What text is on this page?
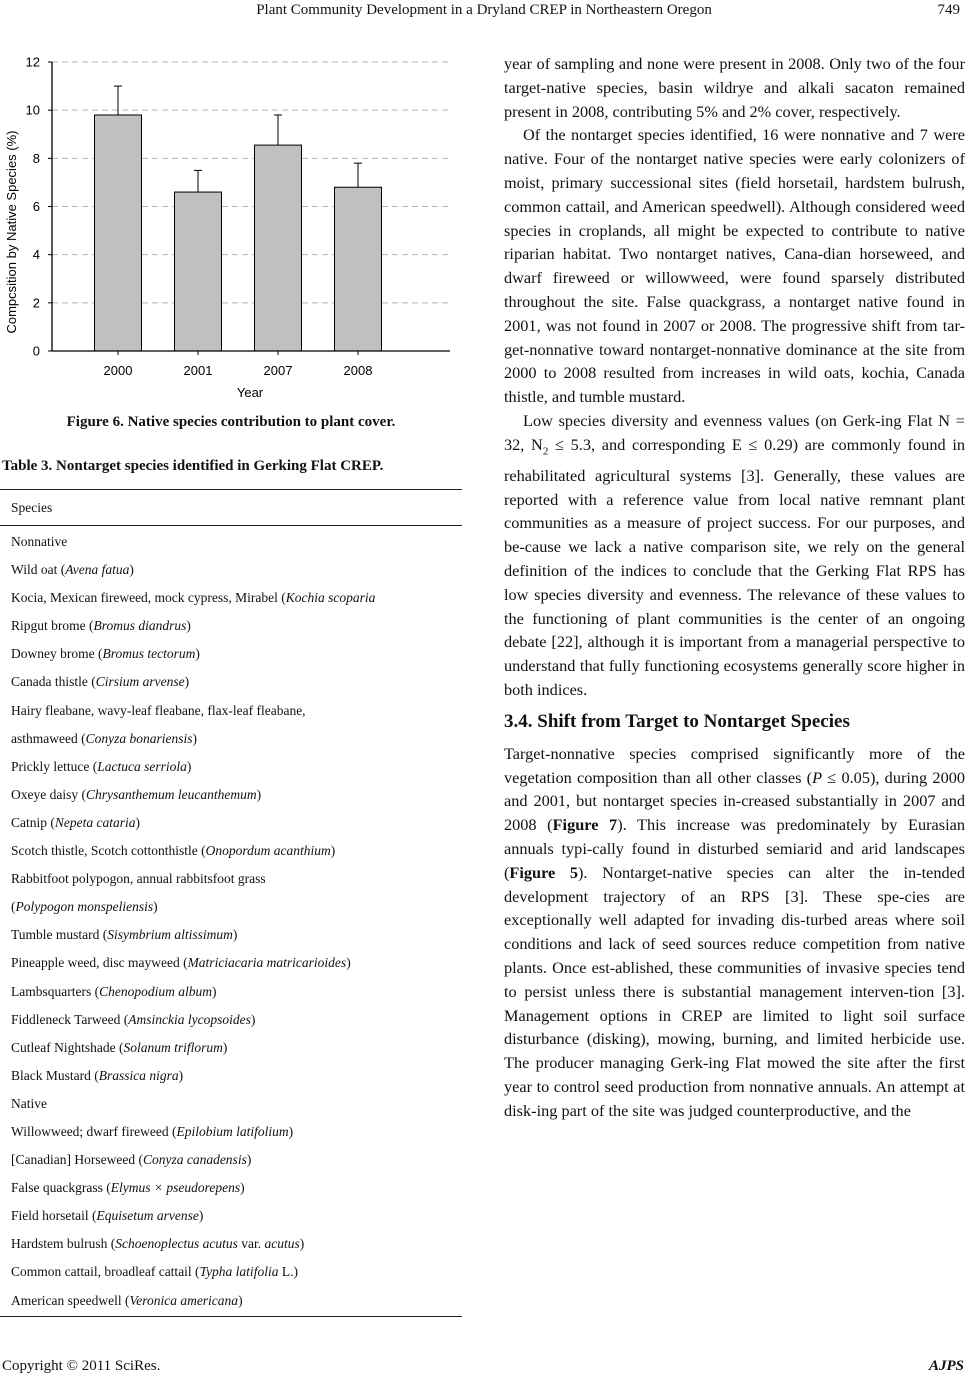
Plant Community Development in a Dryland CREP in Northeastern Oregon	749
0
2
4
6
8
10
12
2000	2001	2007	2008
Year
Compcsition by Native Species (%)
Figure 6. Native species contribution to plant cover.
Table 3. Nontarget species identified in Gerking Flat CREP.
Species
Nonnative
Wild oat (Avena fatua)
Kocia, Mexican fireweed, mock cypress, Mirabel (Kochia scoparia
Ripgut brome (Bromus diandrus)
Downey brome (Bromus tectorum)
Canada thistle (Cirsium arvense)
Hairy fleabane, wavy-leaf fleabane, flax-leaf fleabane,
asthmaweed (Conyza bonariensis)
Prickly lettuce (Lactuca serriola)
Oxeye daisy (Chrysanthemum leucanthemum)
Catnip (Nepeta cataria)
Scotch thistle, Scotch cottonthistle (Onopordum acanthium)
Rabbitfoot polypogon, annual rabbitsfoot grass
(Polypogon monspeliensis)
Tumble mustard (Sisymbrium altissimum)
Pineapple weed, disc mayweed (Matriciacaria matricarioides)
Lambsquarters (Chenopodium album)
Fiddleneck Tarweed (Amsinckia lycopsoides)
Cutleaf Nightshade (Solanum triflorum)
Black Mustard (Brassica nigra)
Native
Willowweed; dwarf fireweed (Epilobium latifolium)
[Canadian] Horseweed (Conyza canadensis)
False quackgrass (Elymus × pseudorepens)
Field horsetail (Equisetum arvense)
Hardstem bulrush (Schoenoplectus acutus var. acutus)
Common cattail, broadleaf cattail (Typha latifolia L.)
American speedwell (Veronica americana)

year of sampling and none were present in 2008. Only two of the four target-native species, basin wildrye and alkali sacaton remained present in 2008, contributing 5% and 2% cover, respectively.

Of the nontarget species identified, 16 were nonnative and 7 were native. Four of the nontarget native species were early colonizers of moist, primary successional sites (field horsetail, hardstem bulrush, common cattail, and American speedwell). Although considered weed species in croplands, all might be expected to contribute to native riparian habitat. Two nontarget natives, Cana-dian horseweed, and dwarf fireweed or willowweed, were found sparsely distributed throughout the site. False quackgrass, a nontarget native found in 2001, was not found in 2007 or 2008. The progressive shift from tar-get-nonnative toward nontarget-nonnative dominance at the site from 2000 to 2008 resulted from increases in wild oats, kochia, Canada thistle, and tumble mustard.

Low species diversity and evenness values (on Gerk-ing Flat N = 32, $N_2 \le 5.3$, and corresponding E ≤ 0.29) are commonly found in rehabilitated agricultural systems [3]. Generally, these values are reported with a reference value from local native remnant plant communities as a measure of project success. For our purposes, and be-cause we lack a native comparison site, we rely on the general definition of the indices to conclude that the Gerking Flat RPS has low species diversity and evenness. The relevance of these values to the functioning of plant communities is the center of an ongoing debate [22], although it is important from a managerial perspective to understand that fully functioning ecosystems generally score higher in both indices.

3.4. Shift from Target to Nontarget Species

Target-nonnative species comprised significantly more of the vegetation composition than all other classes (P ≤ 0.05), during 2000 and 2001, but nontarget species in-creased substantially in 2007 and 2008 (Figure 7). This increase was predominately by Eurasian annuals typi-cally found in disturbed semiarid and arid landscapes (Figure 5). Nontarget-native species can alter the in-tended development trajectory of an RPS [3]. These spe-cies are exceptionally well adapted for invading dis-turbed areas where soil conditions and lack of seed sources reduce competition from native plants. Once est-ablished, these communities of invasive species tend to persist unless there is substantial management interven-tion [3]. Management options in CREP are limited to light soil surface disturbance (disking), mowing, burning, and limited herbicide use. The producer managing Gerk-ing Flat mowed the site after the first year to control seed production from nonnative annuals. An attempt at disk-ing part of the site was judged counterproductive, and the

Copyright © 2011 SciRes.	AJPS
